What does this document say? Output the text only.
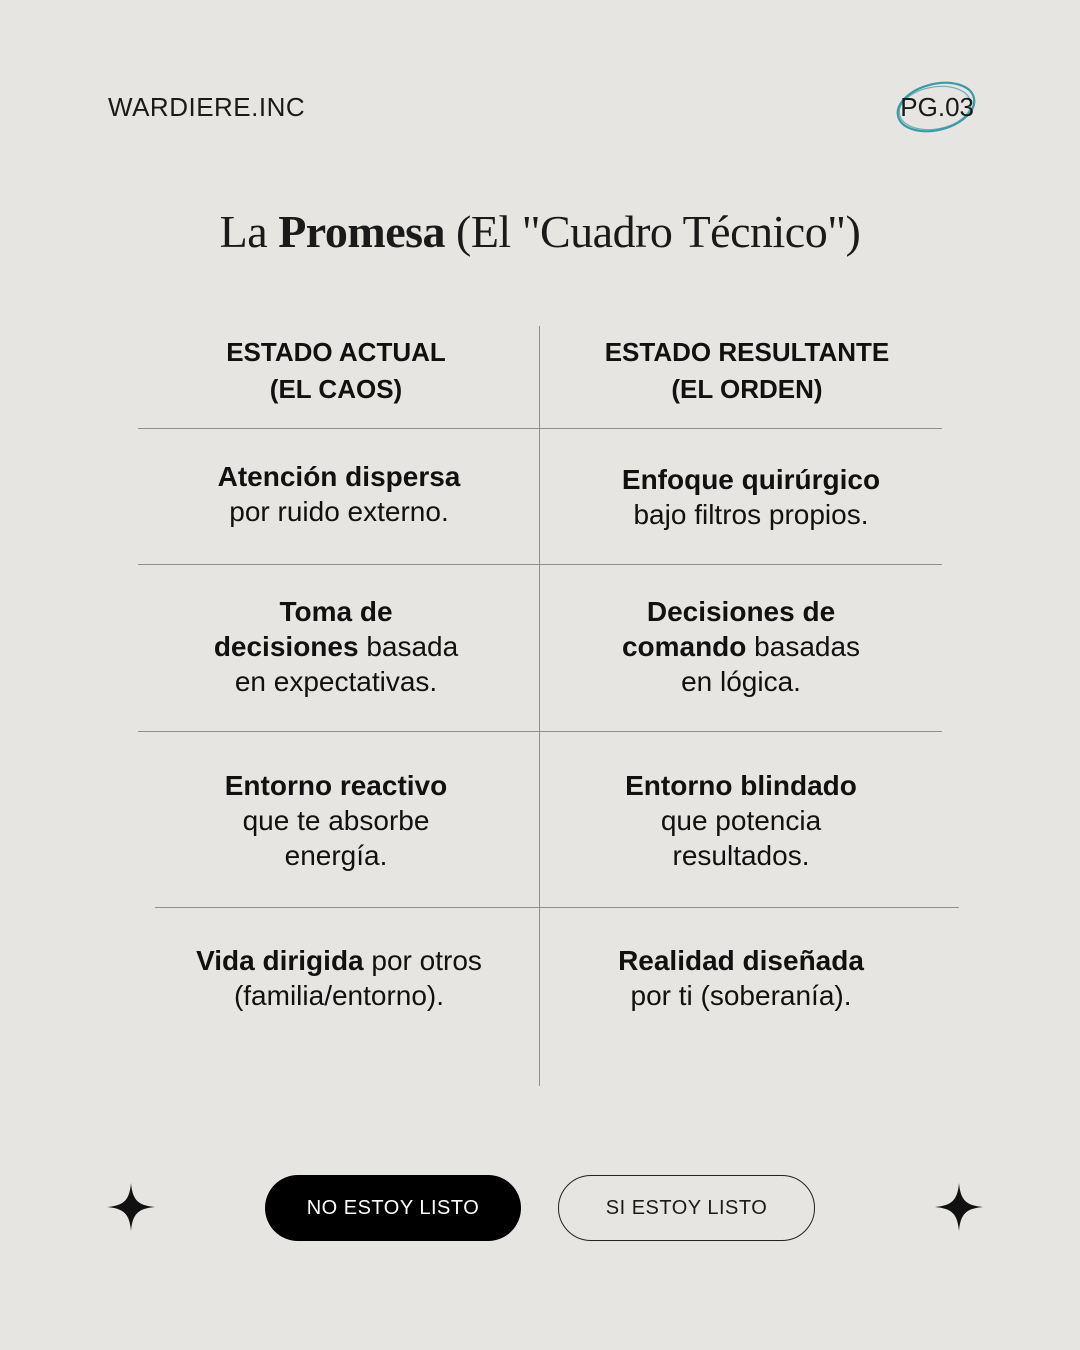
WARDIERE.INC	PG.03
La Promesa (El "Cuadro Técnico")
ESTADO ACTUAL
(EL CAOS)
ESTADO RESULTANTE
(EL ORDEN)
Atención dispersa
por ruido externo.
Enfoque quirúrgico
bajo filtros propios.
Toma de
decisiones basada
en expectativas.
Decisiones de
comando basadas
en lógica.
Entorno reactivo
que te absorbe
energía.
Entorno blindado
que potencia
resultados.
Vida dirigida por otros
(familia/entorno).
Realidad diseñada
por ti (soberanía).
NO ESTOY LISTO	SI ESTOY LISTO
